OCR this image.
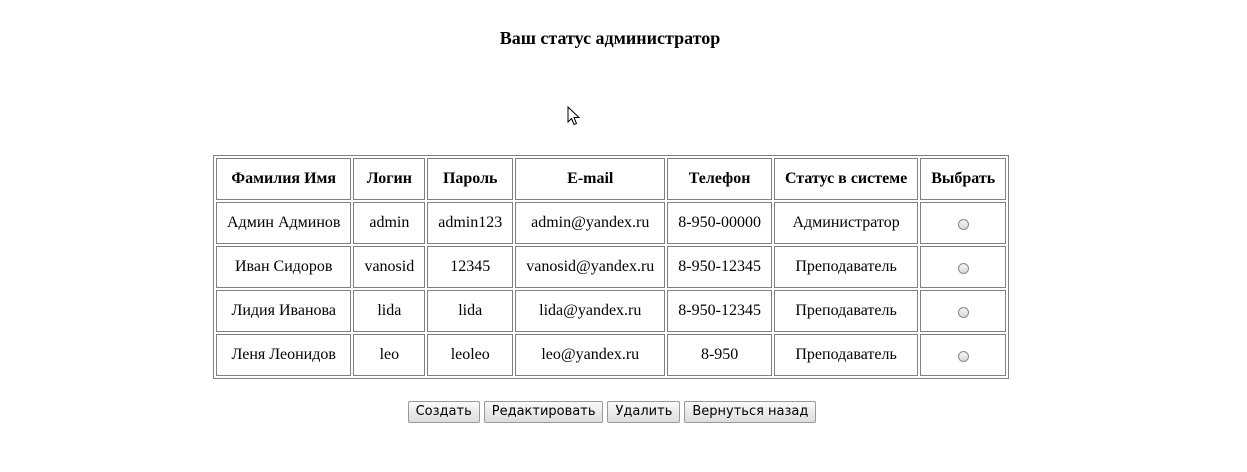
Ваш статус администратор
Фамилия Имя	Логин	Пароль	E-mail	Телефон	Статус в системе	Выбрать
Админ Админов	admin	admin123	admin@yandex.ru	8-950-00000	Администратор	
Иван Сидоров	vanosid	12345	vanosid@yandex.ru	8-950-12345	Преподаватель	
Лидия Иванова	lida	lida	lida@yandex.ru	8-950-12345	Преподаватель	
Леня Леонидов	leo	leoleo	leo@yandex.ru	8-950	Преподаватель	
Создать Редактировать Удалить Вернуться назад
